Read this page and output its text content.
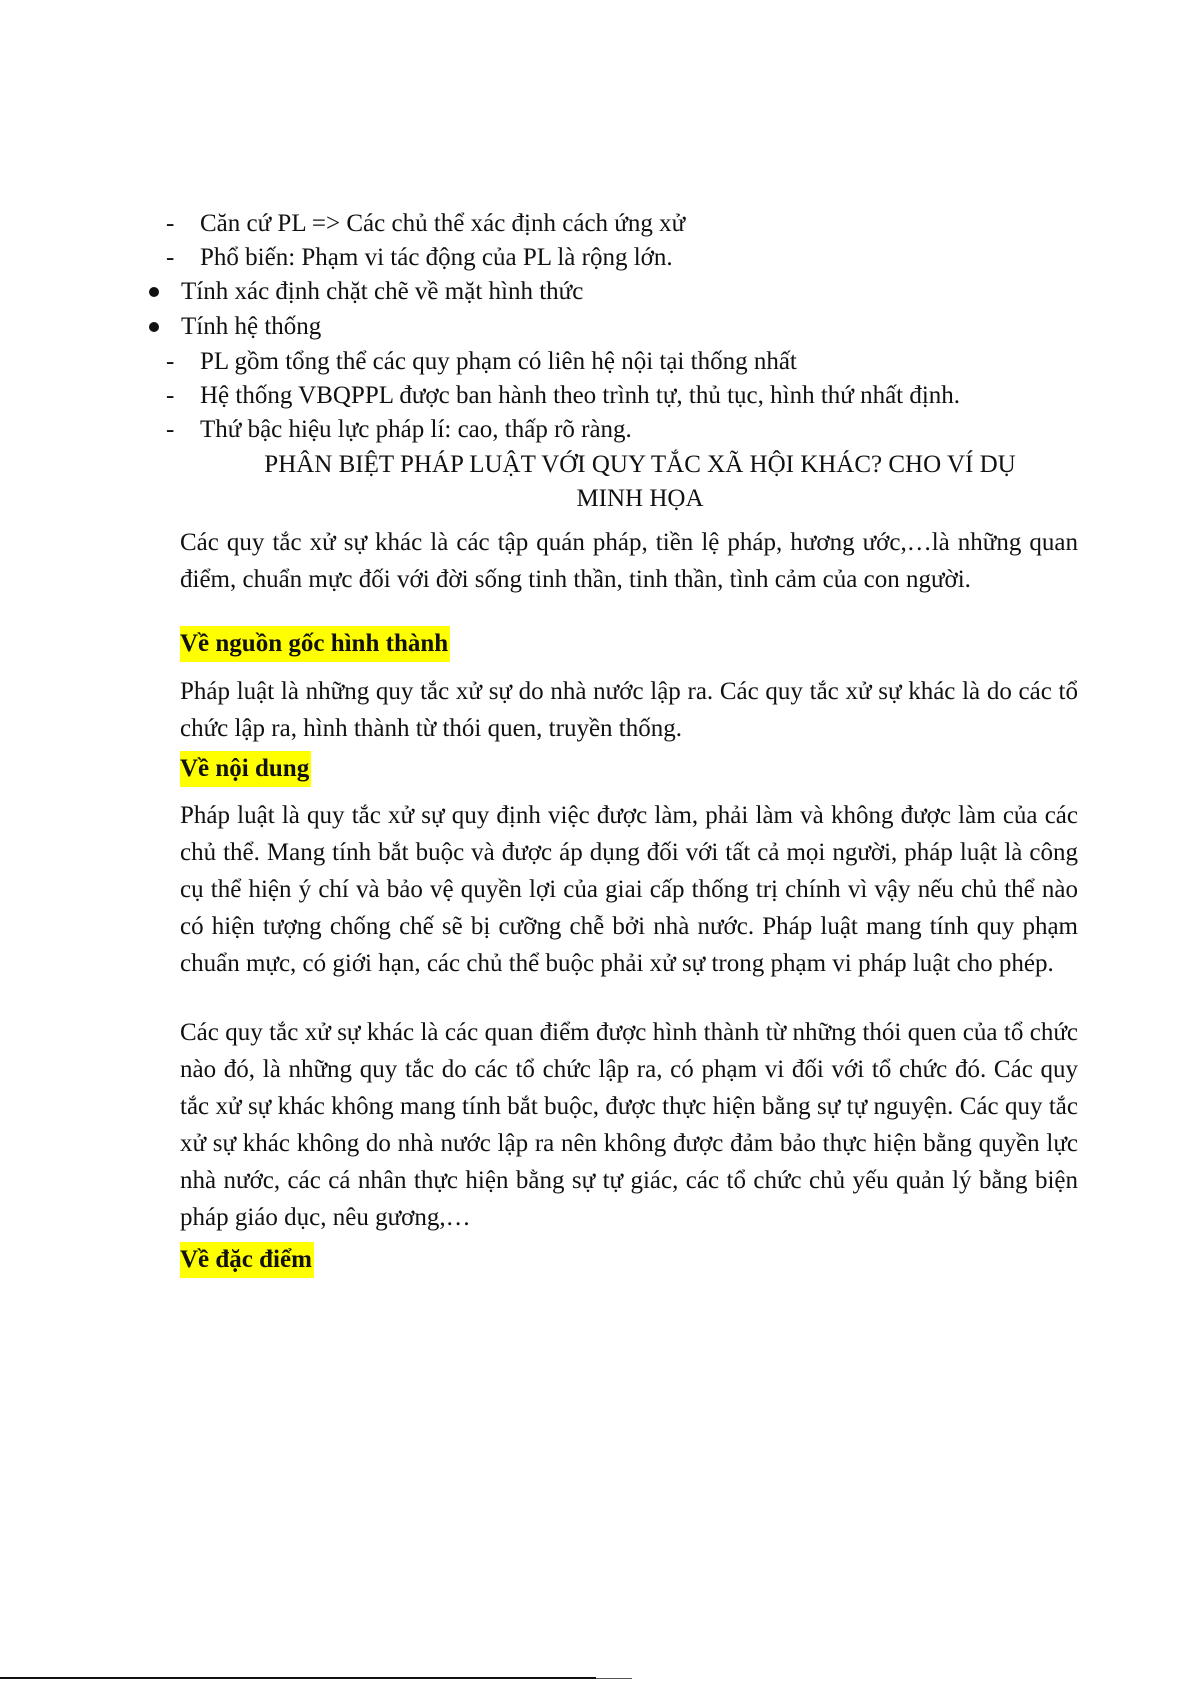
-	Căn cứ PL => Các chủ thể xác định cách ứng xử
-	Phổ biến: Phạm vi tác động của PL là rộng lớn.
Tính xác định chặt chẽ về mặt hình thức
Tính hệ thống
-	PL gồm tổng thể các quy phạm có liên hệ nội tại thống nhất
-	Hệ thống VBQPPL được ban hành theo trình tự, thủ tục, hình thứ nhất định.
-	Thứ bậc hiệu lực pháp lí: cao, thấp rõ ràng.
PHÂN BIỆT PHÁP LUẬT VỚI QUY TẮC XÃ HỘI KHÁC? CHO VÍ DỤ
MINH HỌA

Các quy tắc xử sự khác là các tập quán pháp, tiền lệ pháp, hương ước,…là những quan điểm, chuẩn mực đối với đời sống tinh thần, tinh thần, tình cảm của con người.

Về nguồn gốc hình thành

Pháp luật là những quy tắc xử sự do nhà nước lập ra. Các quy tắc xử sự khác là do các tổ chức lập ra, hình thành từ thói quen, truyền thống.

Về nội dung

Pháp luật là quy tắc xử sự quy định việc được làm, phải làm và không được làm của các chủ thể. Mang tính bắt buộc và được áp dụng đối với tất cả mọi người, pháp luật là công cụ thể hiện ý chí và bảo vệ quyền lợi của giai cấp thống trị chính vì vậy nếu chủ thể nào có hiện tượng chống chế sẽ bị cưỡng chễ bởi nhà nước. Pháp luật mang tính quy phạm chuẩn mực, có giới hạn, các chủ thể buộc phải xử sự trong phạm vi pháp luật cho phép.

Các quy tắc xử sự khác là các quan điểm được hình thành từ những thói quen của tổ chức nào đó, là những quy tắc do các tổ chức lập ra, có phạm vi đối với tổ chức đó. Các quy tắc xử sự khác không mang tính bắt buộc, được thực hiện bằng sự tự nguyện. Các quy tắc xử sự khác không do nhà nước lập ra nên không được đảm bảo thực hiện bằng quyền lực nhà nước, các cá nhân thực hiện bằng sự tự giác, các tổ chức chủ yếu quản lý bằng biện pháp giáo dục, nêu gương,…

Về đặc điểm
